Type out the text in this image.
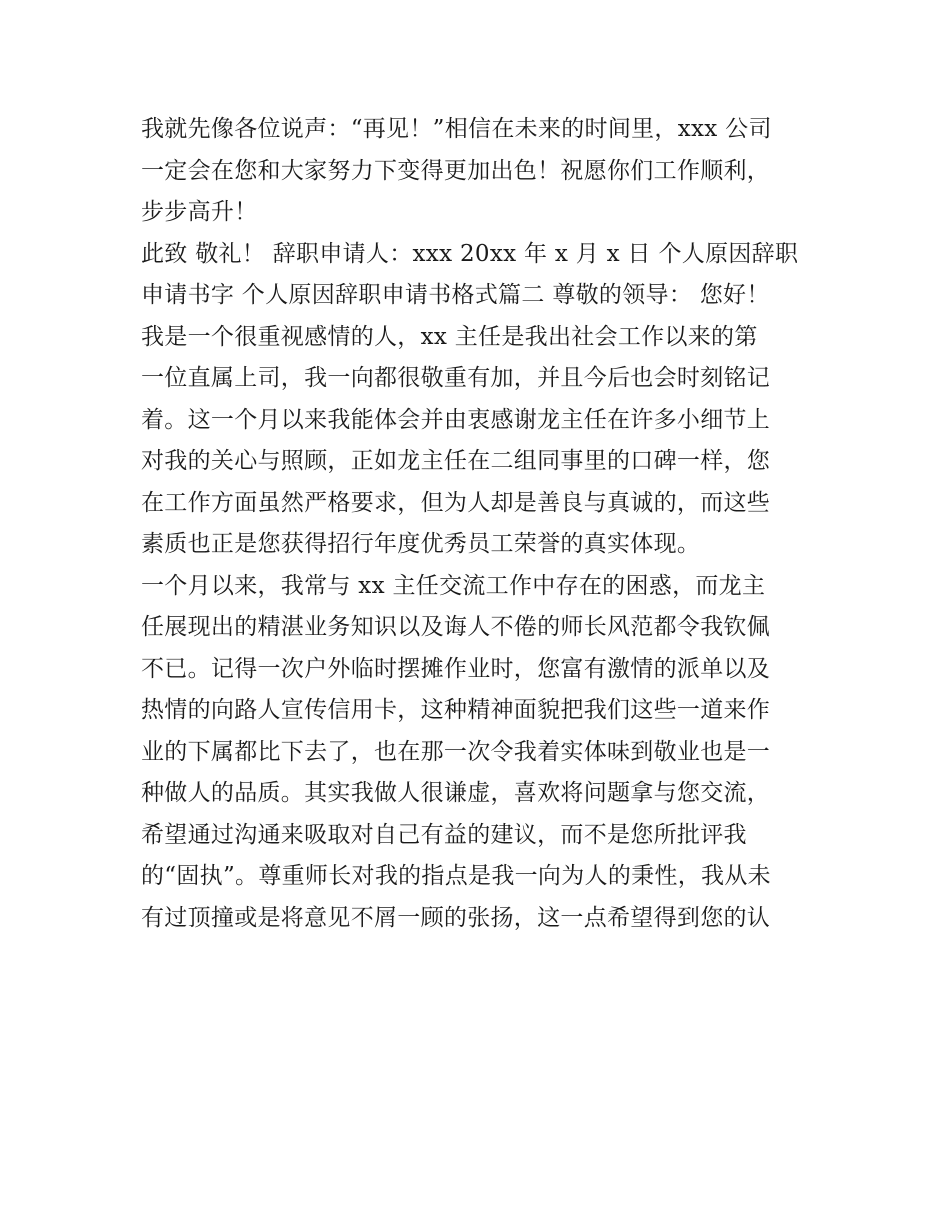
我就先像各位说声：“再见！”相信在未来的时间里，xxx 公司
一定会在您和大家努力下变得更加出色！祝愿你们工作顺利，
步步高升！
此致 敬礼！ 辞职申请人：xxx 20xx 年 x 月 x 日 个人原因辞职
申请书字 个人原因辞职申请书格式篇二 尊敬的领导： 您好！
我是一个很重视感情的人，xx 主任是我出社会工作以来的第
一位直属上司，我一向都很敬重有加，并且今后也会时刻铭记
着。这一个月以来我能体会并由衷感谢龙主任在许多小细节上
对我的关心与照顾，正如龙主任在二组同事里的口碑一样，您
在工作方面虽然严格要求，但为人却是善良与真诚的，而这些
素质也正是您获得招行年度优秀员工荣誉的真实体现。
一个月以来，我常与 xx 主任交流工作中存在的困惑，而龙主
任展现出的精湛业务知识以及诲人不倦的师长风范都令我钦佩
不已。记得一次户外临时摆摊作业时，您富有激情的派单以及
热情的向路人宣传信用卡，这种精神面貌把我们这些一道来作
业的下属都比下去了，也在那一次令我着实体味到敬业也是一
种做人的品质。其实我做人很谦虚，喜欢将问题拿与您交流，
希望通过沟通来吸取对自己有益的建议，而不是您所批评我
的“固执”。尊重师长对我的指点是我一向为人的秉性，我从未
有过顶撞或是将意见不屑一顾的张扬，这一点希望得到您的认
